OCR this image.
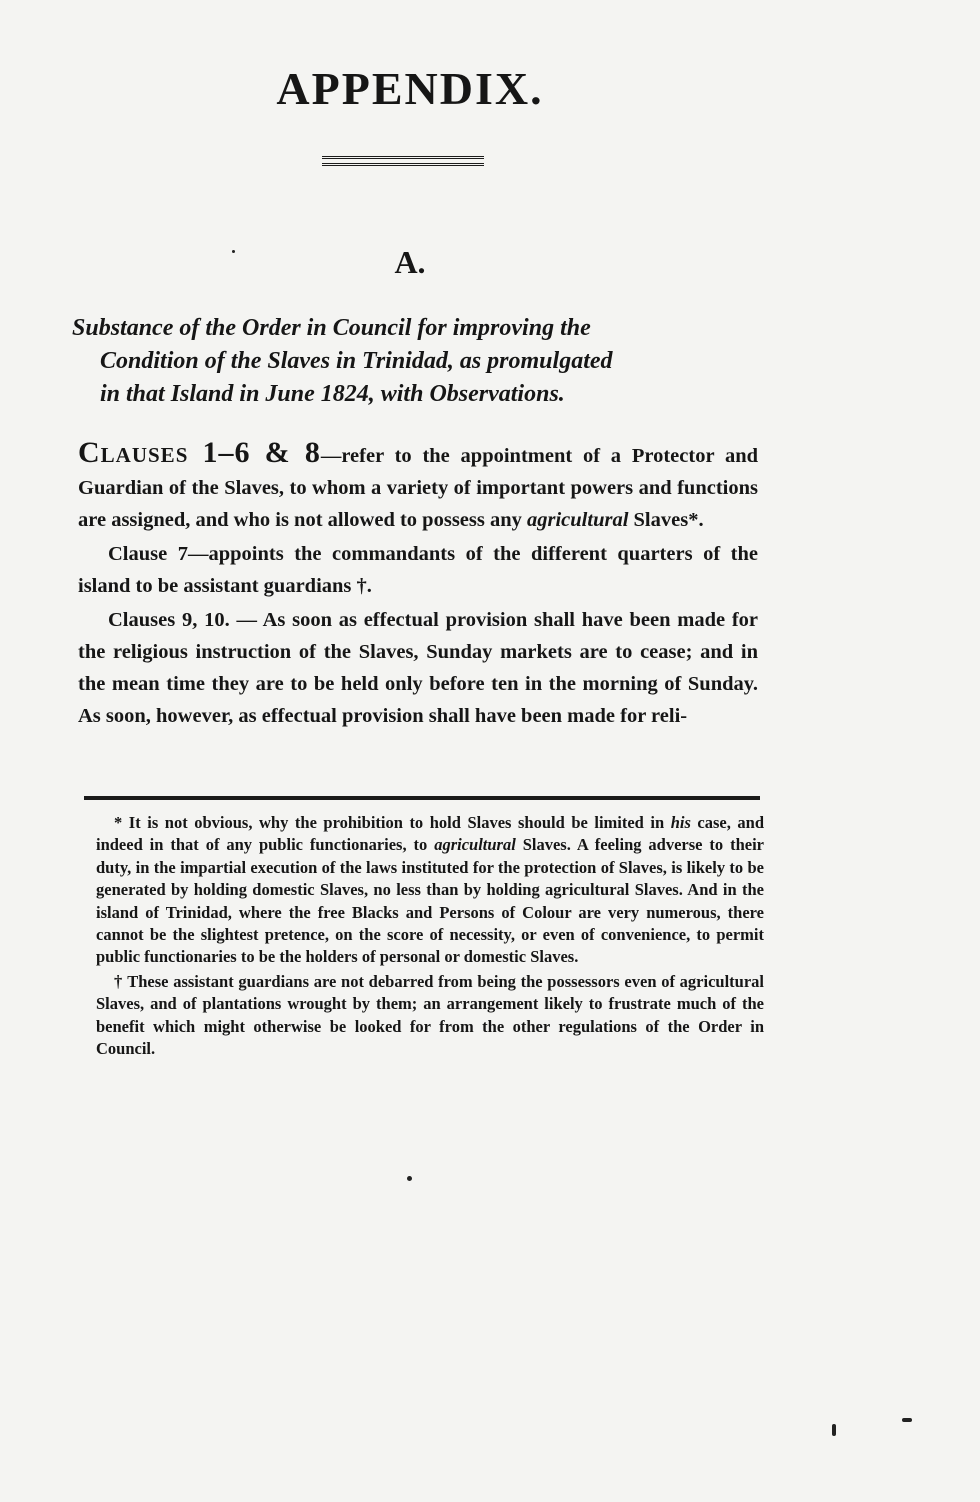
APPENDIX.
A.
Substance of the Order in Council for improving the
Condition of the Slaves in Trinidad, as promulgated
in that Island in June 1824, with Observations.
Clauses 1–6 & 8—refer to the appointment of a Protector and Guardian of the Slaves, to whom a variety of important powers and functions are assigned, and who is not allowed to possess any agricultural Slaves*.
Clause 7—appoints the commandants of the different quarters of the island to be assistant guardians †.
Clauses 9, 10. — As soon as effectual provision shall have been made for the religious instruction of the Slaves, Sunday markets are to cease; and in the mean time they are to be held only before ten in the morning of Sunday. As soon, however, as effectual provision shall have been made for reli-
* It is not obvious, why the prohibition to hold Slaves should be limited in his case, and indeed in that of any public functionaries, to agricultural Slaves. A feeling adverse to their duty, in the impartial execution of the laws instituted for the protection of Slaves, is likely to be generated by holding domestic Slaves, no less than by holding agricultural Slaves. And in the island of Trinidad, where the free Blacks and Persons of Colour are very numerous, there cannot be the slightest pretence, on the score of necessity, or even of convenience, to permit public functionaries to be the holders of personal or domestic Slaves.
† These assistant guardians are not debarred from being the possessors even of agricultural Slaves, and of plantations wrought by them; an arrangement likely to frustrate much of the benefit which might otherwise be looked for from the other regulations of the Order in Council.
